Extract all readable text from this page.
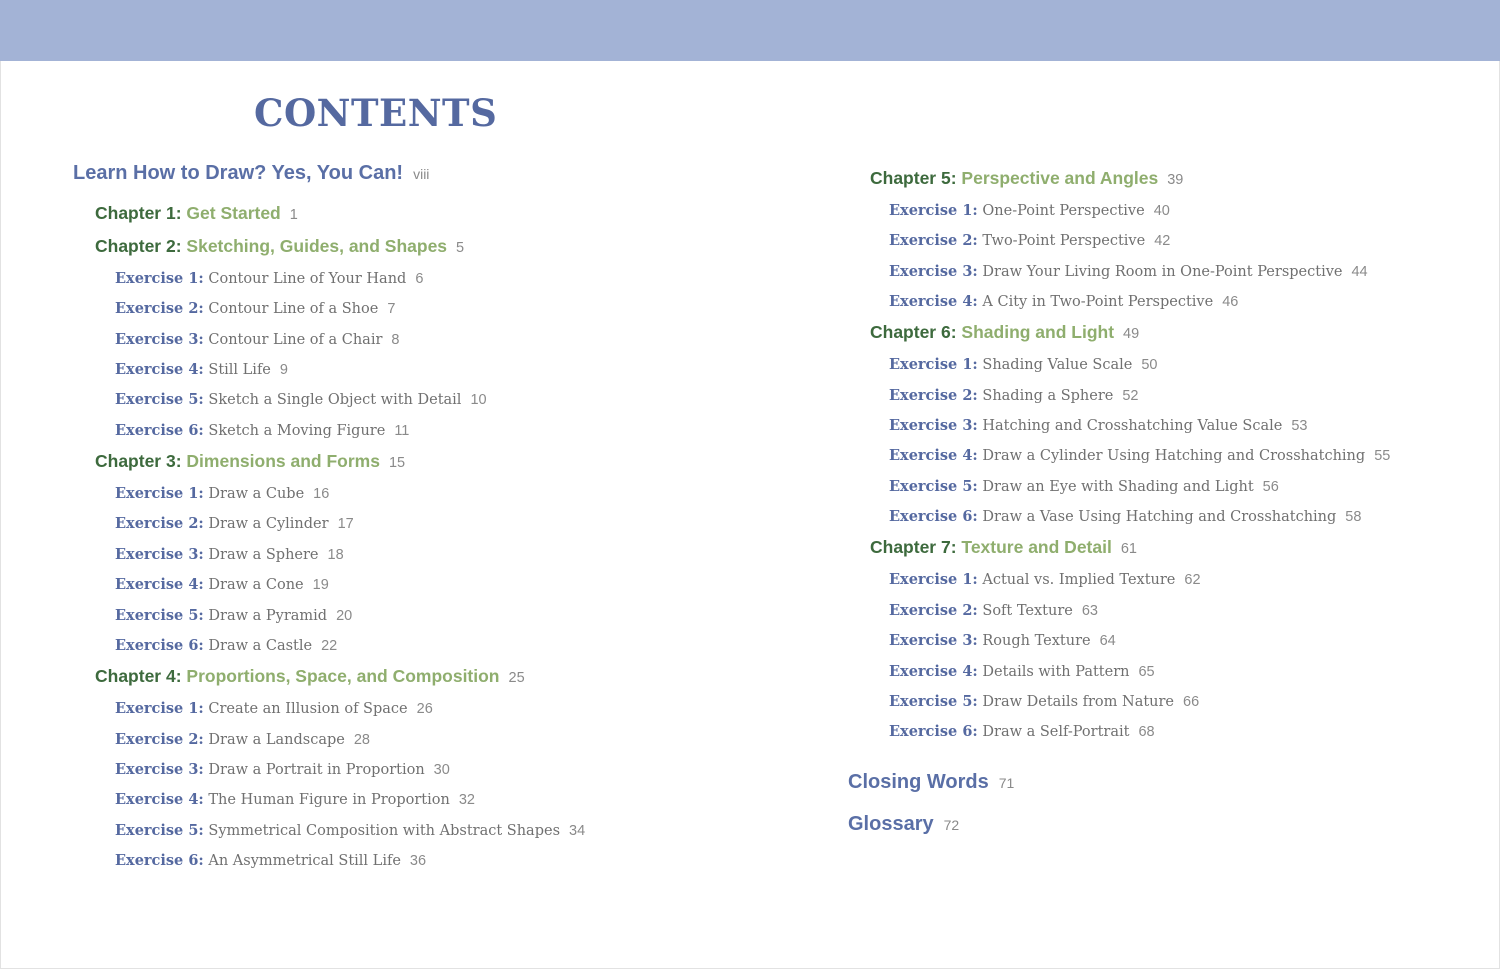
CONTENTS
Learn How to Draw? Yes, You Can! viii
Chapter 1: Get Started 1
Chapter 2: Sketching, Guides, and Shapes 5
Exercise 1: Contour Line of Your Hand 6
Exercise 2: Contour Line of a Shoe 7
Exercise 3: Contour Line of a Chair 8
Exercise 4: Still Life 9
Exercise 5: Sketch a Single Object with Detail 10
Exercise 6: Sketch a Moving Figure 11
Chapter 3: Dimensions and Forms 15
Exercise 1: Draw a Cube 16
Exercise 2: Draw a Cylinder 17
Exercise 3: Draw a Sphere 18
Exercise 4: Draw a Cone 19
Exercise 5: Draw a Pyramid 20
Exercise 6: Draw a Castle 22
Chapter 4: Proportions, Space, and Composition 25
Exercise 1: Create an Illusion of Space 26
Exercise 2: Draw a Landscape 28
Exercise 3: Draw a Portrait in Proportion 30
Exercise 4: The Human Figure in Proportion 32
Exercise 5: Symmetrical Composition with Abstract Shapes 34
Exercise 6: An Asymmetrical Still Life 36
Chapter 5: Perspective and Angles 39
Exercise 1: One-Point Perspective 40
Exercise 2: Two-Point Perspective 42
Exercise 3: Draw Your Living Room in One-Point Perspective 44
Exercise 4: A City in Two-Point Perspective 46
Chapter 6: Shading and Light 49
Exercise 1: Shading Value Scale 50
Exercise 2: Shading a Sphere 52
Exercise 3: Hatching and Crosshatching Value Scale 53
Exercise 4: Draw a Cylinder Using Hatching and Crosshatching 55
Exercise 5: Draw an Eye with Shading and Light 56
Exercise 6: Draw a Vase Using Hatching and Crosshatching 58
Chapter 7: Texture and Detail 61
Exercise 1: Actual vs. Implied Texture 62
Exercise 2: Soft Texture 63
Exercise 3: Rough Texture 64
Exercise 4: Details with Pattern 65
Exercise 5: Draw Details from Nature 66
Exercise 6: Draw a Self-Portrait 68
Closing Words 71
Glossary 72
